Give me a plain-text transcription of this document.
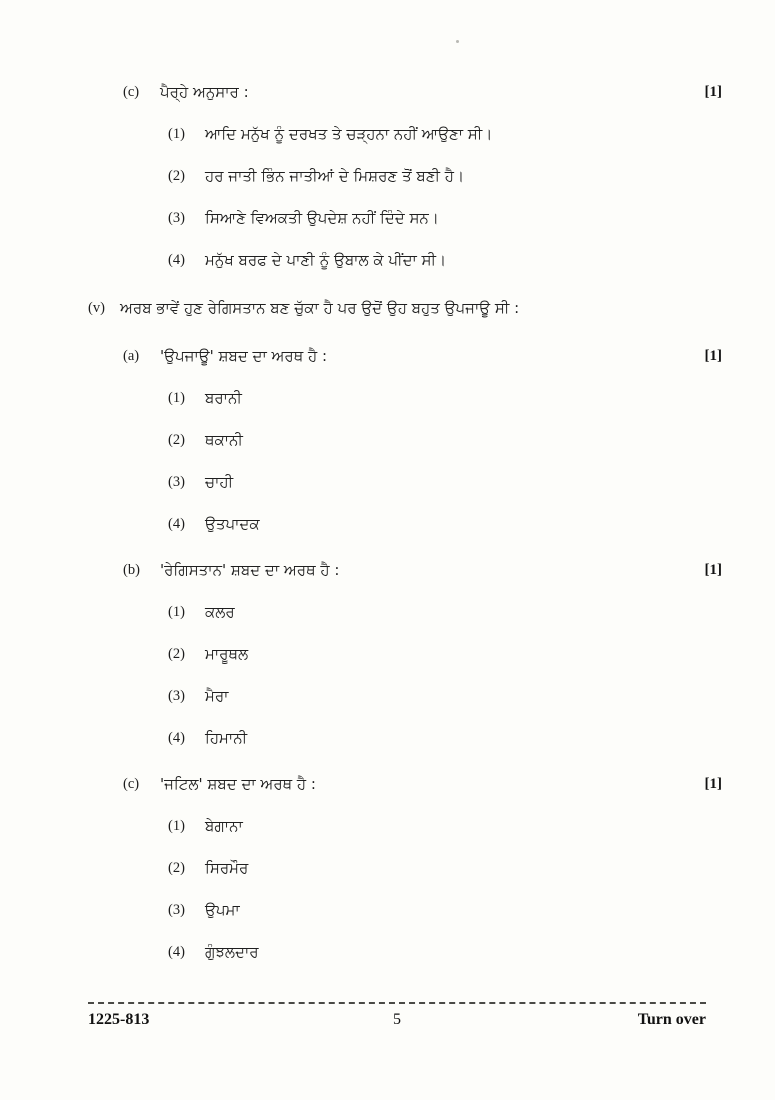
(c)	ਪੈਰ੍ਹੇ ਅਨੁਸਾਰ :	[1]
(1)	ਆਦਿ ਮਨੁੱਖ ਨੂੰ ਦਰਖਤ ਤੇ ਚੜ੍ਹਨਾ ਨਹੀਂ ਆਉਣਾ ਸੀ।
(2)	ਹਰ ਜਾਤੀ ਭਿੰਨ ਜਾਤੀਆਂ ਦੇ ਮਿਸ਼ਰਣ ਤੋਂ ਬਣੀ ਹੈ।
(3)	ਸਿਆਣੇ ਵਿਅਕਤੀ ਉਪਦੇਸ਼ ਨਹੀਂ ਦਿੰਦੇ ਸਨ।
(4)	ਮਨੁੱਖ ਬਰਫ ਦੇ ਪਾਣੀ ਨੂੰ ਉਬਾਲ ਕੇ ਪੀਂਦਾ ਸੀ।
(v)	ਅਰਬ ਭਾਵੇਂ ਹੁਣ ਰੇਗਿਸਤਾਨ ਬਣ ਚੁੱਕਾ ਹੈ ਪਰ ਉਦੋਂ ਉਹ ਬਹੁਤ ਉਪਜਾਊ ਸੀ :
(a)	'ਉਪਜਾਊ' ਸ਼ਬਦ ਦਾ ਅਰਥ ਹੈ :	[1]
(1)	ਬਰਾਨੀ
(2)	ਥਕਾਨੀ
(3)	ਚਾਹੀ
(4)	ਉਤਪਾਦਕ
(b)	'ਰੇਗਿਸਤਾਨ' ਸ਼ਬਦ ਦਾ ਅਰਥ ਹੈ :	[1]
(1)	ਕਲਰ
(2)	ਮਾਰੂਥਲ
(3)	ਮੈਰਾ
(4)	ਹਿਮਾਨੀ
(c)	'ਜਟਿਲ' ਸ਼ਬਦ ਦਾ ਅਰਥ ਹੈ :	[1]
(1)	ਬੇਗਾਨਾ
(2)	ਸਿਰਮੌਰ
(3)	ਉਪਮਾ
(4)	ਗੁੰਝਲਦਾਰ
1225-813	5	Turn over
